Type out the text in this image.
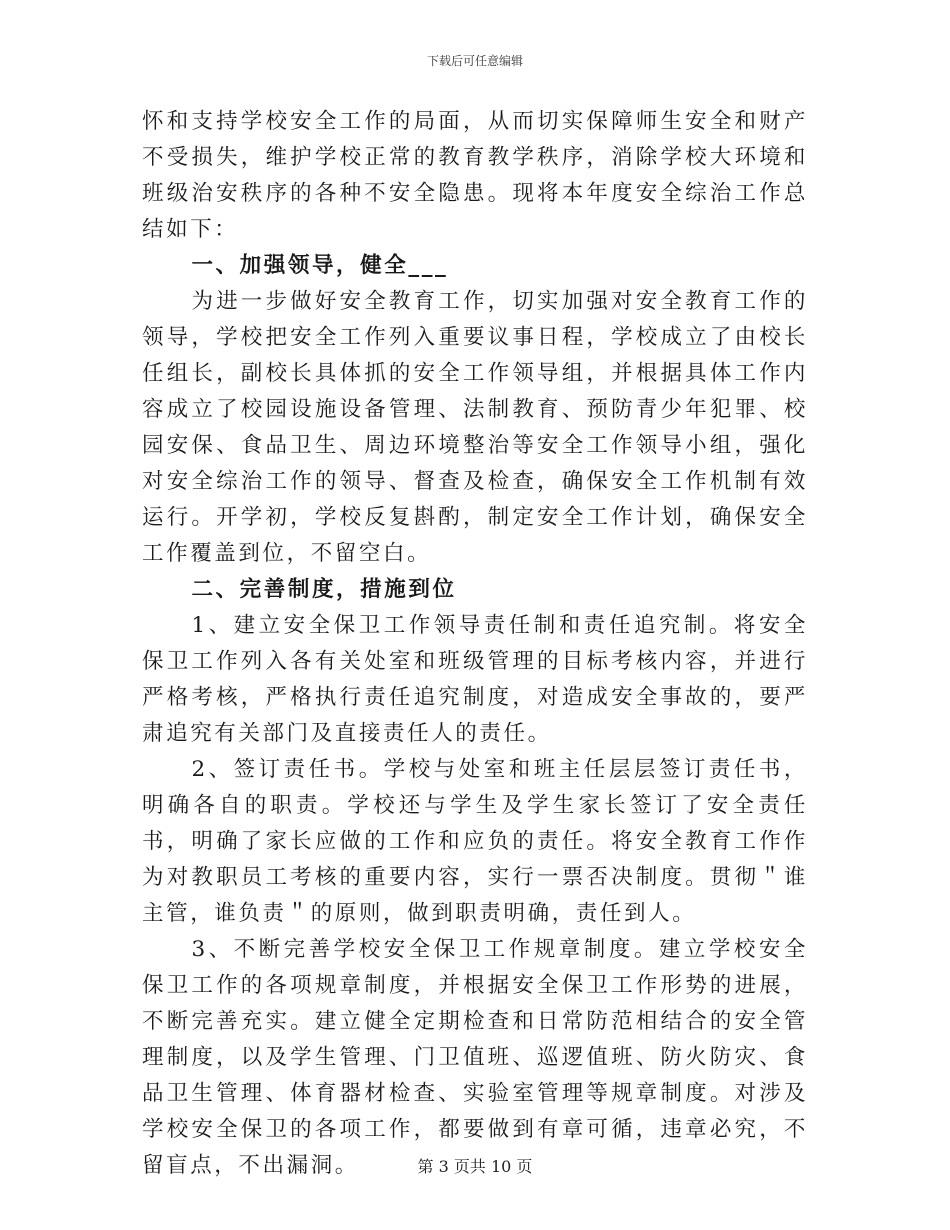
下载后可任意编辑

怀和支持学校安全工作的局面，从而切实保障师生安全和财产不受损失，维护学校正常的教育教学秩序，消除学校大环境和班级治安秩序的各种不安全隐患。现将本年度安全综治工作总结如下：

一、加强领导，健全___

为进一步做好安全教育工作，切实加强对安全教育工作的领导，学校把安全工作列入重要议事日程，学校成立了由校长任组长，副校长具体抓的安全工作领导组，并根据具体工作内容成立了校园设施设备管理、法制教育、预防青少年犯罪、校园安保、食品卫生、周边环境整治等安全工作领导小组，强化对安全综治工作的领导、督查及检查，确保安全工作机制有效运行。开学初，学校反复斟酌，制定安全工作计划，确保安全工作覆盖到位，不留空白。

二、完善制度，措施到位

1、建立安全保卫工作领导责任制和责任追究制。将安全保卫工作列入各有关处室和班级管理的目标考核内容，并进行严格考核，严格执行责任追究制度，对造成安全事故的，要严肃追究有关部门及直接责任人的责任。

2、签订责任书。学校与处室和班主任层层签订责任书，明确各自的职责。学校还与学生及学生家长签订了安全责任书，明确了家长应做的工作和应负的责任。将安全教育工作作为对教职员工考核的重要内容，实行一票否决制度。贯彻＂谁主管，谁负责＂的原则，做到职责明确，责任到人。

3、不断完善学校安全保卫工作规章制度。建立学校安全保卫工作的各项规章制度，并根据安全保卫工作形势的进展，不断完善充实。建立健全定期检查和日常防范相结合的安全管理制度，以及学生管理、门卫值班、巡逻值班、防火防灾、食品卫生管理、体育器材检查、实验室管理等规章制度。对涉及学校安全保卫的各项工作，都要做到有章可循，违章必究，不留盲点，不出漏洞。	第 3 页共 10 页
